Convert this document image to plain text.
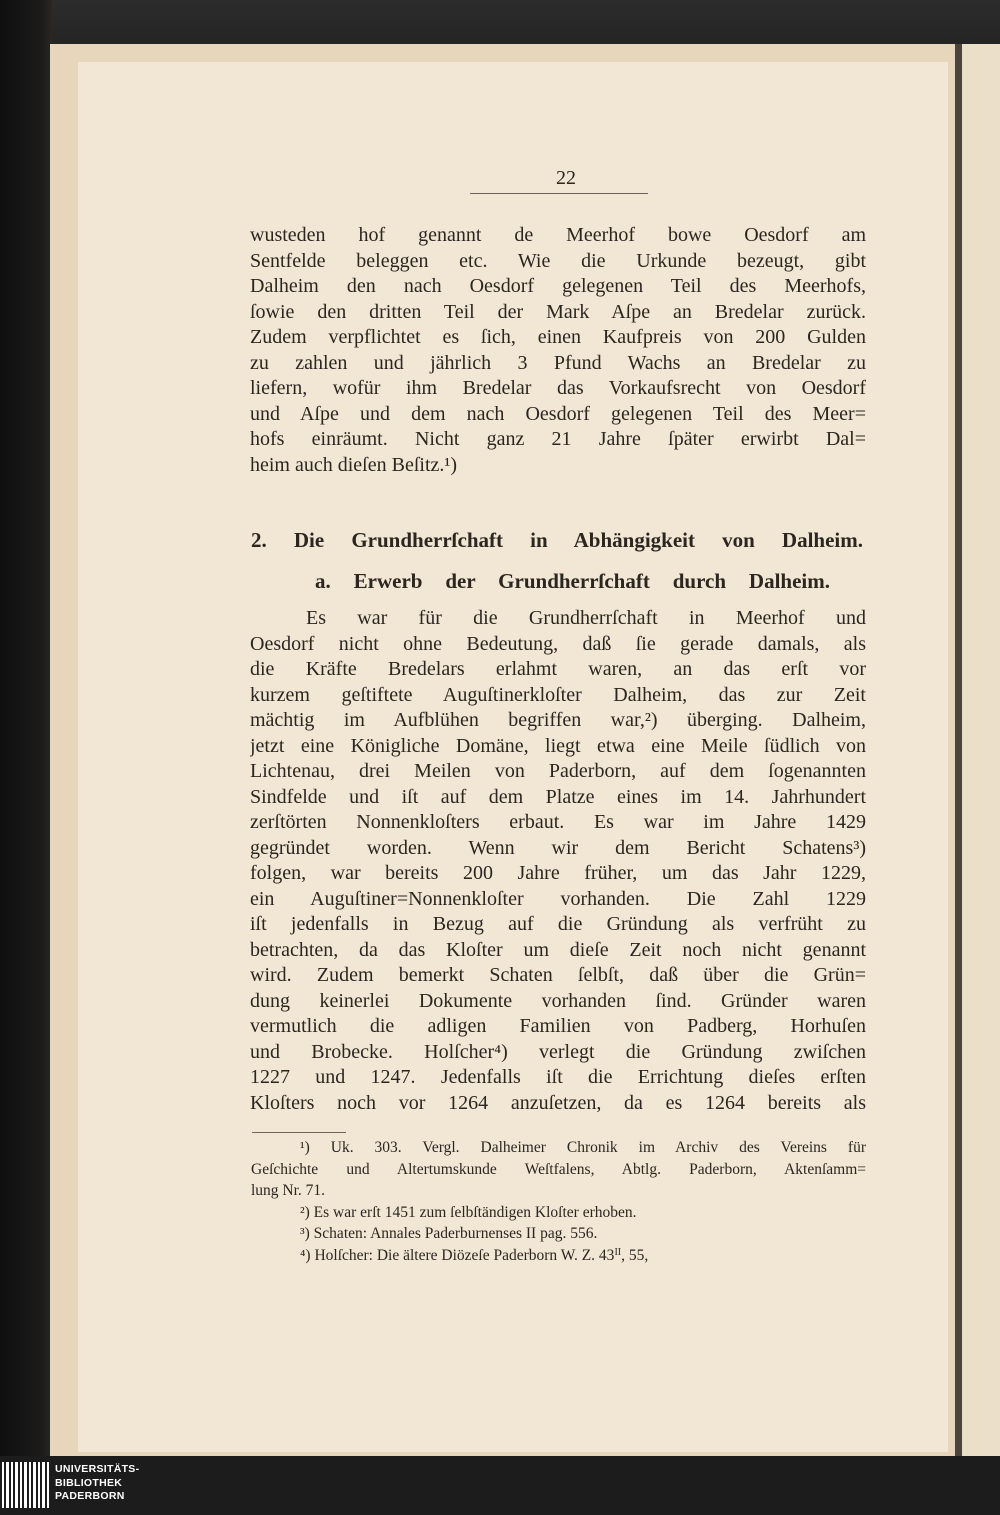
22
wusteden hof genannt de Meerhof bowe Oesdorf am
Sentfelde beleggen etc. Wie die Urkunde bezeugt, gibt
Dalheim den nach Oesdorf gelegenen Teil des Meerhofs,
ſowie den dritten Teil der Mark Aſpe an Bredelar zurück.
Zudem verpflichtet es ſich, einen Kaufpreis von 200 Gulden
zu zahlen und jährlich 3 Pfund Wachs an Bredelar zu
liefern, wofür ihm Bredelar das Vorkaufsrecht von Oesdorf
und Aſpe und dem nach Oesdorf gelegenen Teil des Meer=
hofs einräumt. Nicht ganz 21 Jahre ſpäter erwirbt Dal=
heim auch dieſen Beſitz.¹)
2. Die Grundherrſchaft in Abhängigkeit von Dalheim.
a. Erwerb der Grundherrſchaft durch Dalheim.
Es war für die Grundherrſchaft in Meerhof und
Oesdorf nicht ohne Bedeutung, daß ſie gerade damals, als
die Kräfte Bredelars erlahmt waren, an das erſt vor
kurzem geſtiftete Auguſtinerkloſter Dalheim, das zur Zeit
mächtig im Aufblühen begriffen war,²) überging. Dalheim,
jetzt eine Königliche Domäne, liegt etwa eine Meile ſüdlich von
Lichtenau, drei Meilen von Paderborn, auf dem ſogenannten
Sindfelde und iſt auf dem Platze eines im 14. Jahrhundert
zerſtörten Nonnenkloſters erbaut. Es war im Jahre 1429
gegründet worden. Wenn wir dem Bericht Schatens³)
folgen, war bereits 200 Jahre früher, um das Jahr 1229,
ein Auguſtiner=Nonnenkloſter vorhanden. Die Zahl 1229
iſt jedenfalls in Bezug auf die Gründung als verfrüht zu
betrachten, da das Kloſter um dieſe Zeit noch nicht genannt
wird. Zudem bemerkt Schaten ſelbſt, daß über die Grün=
dung keinerlei Dokumente vorhanden ſind. Gründer waren
vermutlich die adligen Familien von Padberg, Horhuſen
und Brobecke. Holſcher⁴) verlegt die Gründung zwiſchen
1227 und 1247. Jedenfalls iſt die Errichtung dieſes erſten
Kloſters noch vor 1264 anzuſetzen, da es 1264 bereits als
¹) Uk. 303. Vergl. Dalheimer Chronik im Archiv des Vereins für
Geſchichte und Altertumskunde Weſtfalens, Abtlg. Paderborn, Aktenſamm=
lung Nr. 71.
²) Es war erſt 1451 zum ſelbſtändigen Kloſter erhoben.
³) Schaten: Annales Paderburnenses II pag. 556.
⁴) Holſcher: Die ältere Diözeſe Paderborn W. Z. $43^{II}$, 55,
UNIVERSITÄTS-
BIBLIOTHEK
PADERBORN
